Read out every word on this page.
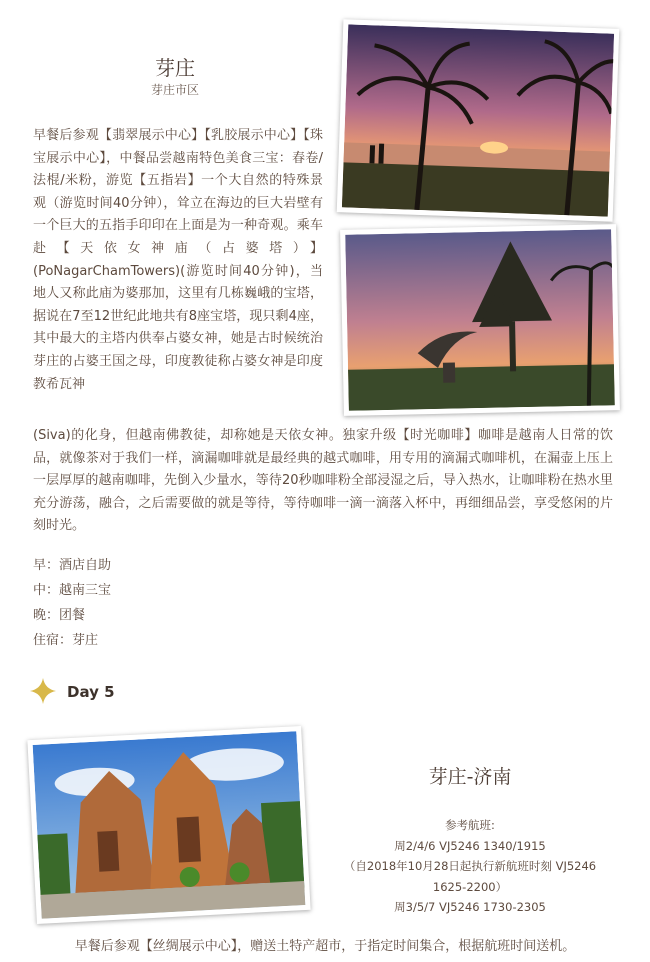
芽庄
芽庄市区
早餐后参观【翡翠展示中心】【乳胶展示中心】【珠宝展示中心】，中餐品尝越南特色美食三宝：春卷/法棍/米粉，游览【五指岩】一个大自然的特殊景观（游览时间40分钟），耸立在海边的巨大岩壁有一个巨大的五指手印印在上面是为一种奇观。乘车赴【天依女神庙（占婆塔）】(PoNagarChamTowers)(游览时间40分钟)，当地人又称此庙为婆那加，这里有几栋巍峨的宝塔，据说在7至12世纪此地共有8座宝塔，现只剩4座，其中最大的主塔内供奉占婆女神，她是古时候统治芽庄的占婆王国之母，印度教徒称占婆女神是印度教希瓦神
(Siva)的化身，但越南佛教徒，却称她是天依女神。独家升级【时光咖啡】咖啡是越南人日常的饮品，就像茶对于我们一样，滴漏咖啡就是最经典的越式咖啡，用专用的滴漏式咖啡机，在漏壶上压上一层厚厚的越南咖啡，先倒入少量水，等待20秒咖啡粉全部浸湿之后，导入热水，让咖啡粉在热水里充分游荡，融合，之后需要做的就是等待，等待咖啡一滴一滴落入杯中，再细细品尝，享受悠闲的片刻时光。
早：酒店自助
中：越南三宝
晚：团餐
住宿：芽庄
Day 5
芽庄-济南
参考航班:
周2/4/6 VJ5246 1340/1915
（自2018年10月28日起执行新航班时刻 VJ5246
1625-2200）
周3/5/7 VJ5246 1730-2305
早餐后参观【丝绸展示中心】，赠送土特产超市，于指定时间集合，根据航班时间送机。
